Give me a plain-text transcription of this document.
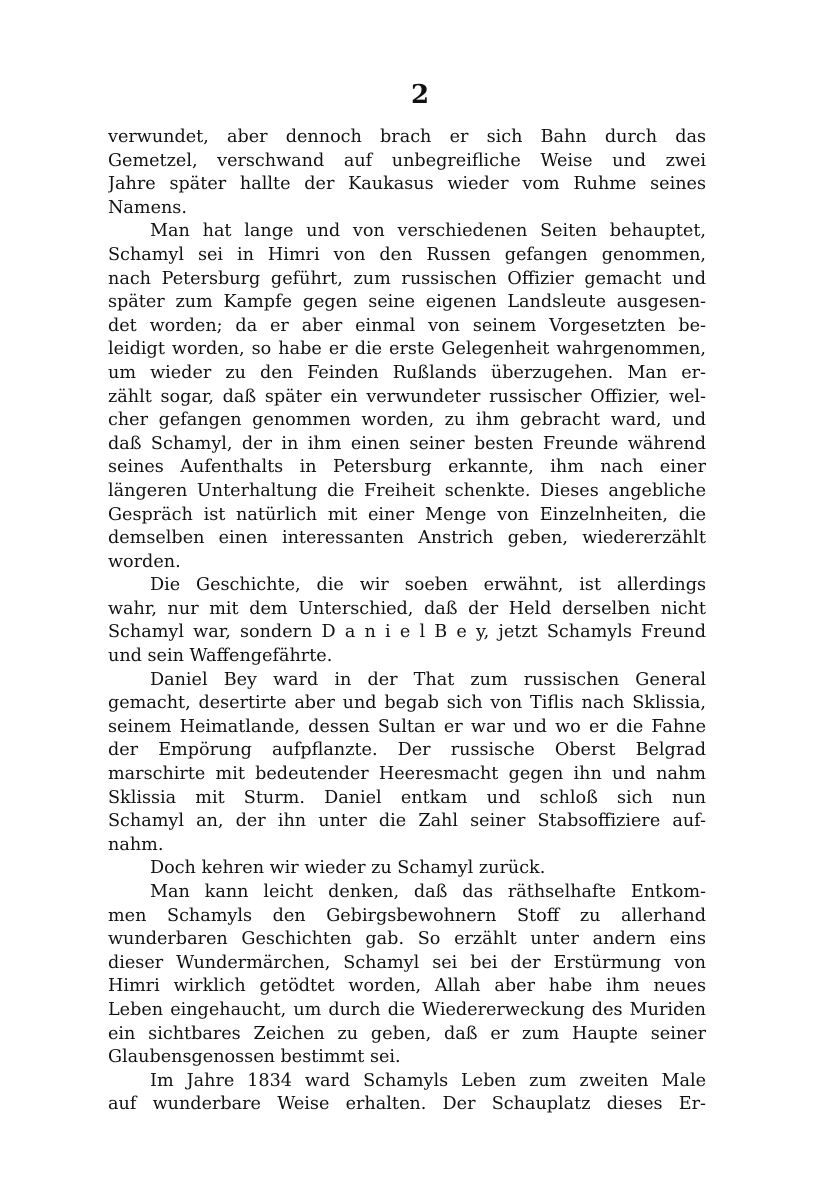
2
verwundet, aber dennoch brach er sich Bahn durch das
Gemetzel, verschwand auf unbegreifliche Weise und zwei
Jahre später hallte der Kaukasus wieder vom Ruhme seines
Namens.
Man hat lange und von verschiedenen Seiten behauptet,
Schamyl sei in Himri von den Russen gefangen genommen,
nach Petersburg geführt, zum russischen Offizier gemacht und
später zum Kampfe gegen seine eigenen Landsleute ausgesen-
det worden; da er aber einmal von seinem Vorgesetzten be-
leidigt worden, so habe er die erste Gelegenheit wahrgenommen,
um wieder zu den Feinden Rußlands überzugehen. Man er-
zählt sogar, daß später ein verwundeter russischer Offizier, wel-
cher gefangen genommen worden, zu ihm gebracht ward, und
daß Schamyl, der in ihm einen seiner besten Freunde während
seines Aufenthalts in Petersburg erkannte, ihm nach einer
längeren Unterhaltung die Freiheit schenkte. Dieses angebliche
Gespräch ist natürlich mit einer Menge von Einzelnheiten, die
demselben einen interessanten Anstrich geben, wiedererzählt
worden.
Die Geschichte, die wir soeben erwähnt, ist allerdings
wahr, nur mit dem Unterschied, daß der Held derselben nicht
Schamyl war, sondern D a n i e l B e y, jetzt Schamyls Freund
und sein Waffengefährte.
Daniel Bey ward in der That zum russischen General
gemacht, desertirte aber und begab sich von Tiflis nach Sklissia,
seinem Heimatlande, dessen Sultan er war und wo er die Fahne
der Empörung aufpflanzte. Der russische Oberst Belgrad
marschirte mit bedeutender Heeresmacht gegen ihn und nahm
Sklissia mit Sturm. Daniel entkam und schloß sich nun
Schamyl an, der ihn unter die Zahl seiner Stabsoffiziere auf-
nahm.
Doch kehren wir wieder zu Schamyl zurück.
Man kann leicht denken, daß das räthselhafte Entkom-
men Schamyls den Gebirgsbewohnern Stoff zu allerhand
wunderbaren Geschichten gab. So erzählt unter andern eins
dieser Wundermärchen, Schamyl sei bei der Erstürmung von
Himri wirklich getödtet worden, Allah aber habe ihm neues
Leben eingehaucht, um durch die Wiedererweckung des Muriden
ein sichtbares Zeichen zu geben, daß er zum Haupte seiner
Glaubensgenossen bestimmt sei.
Im Jahre 1834 ward Schamyls Leben zum zweiten Male
auf wunderbare Weise erhalten. Der Schauplatz dieses Er-
